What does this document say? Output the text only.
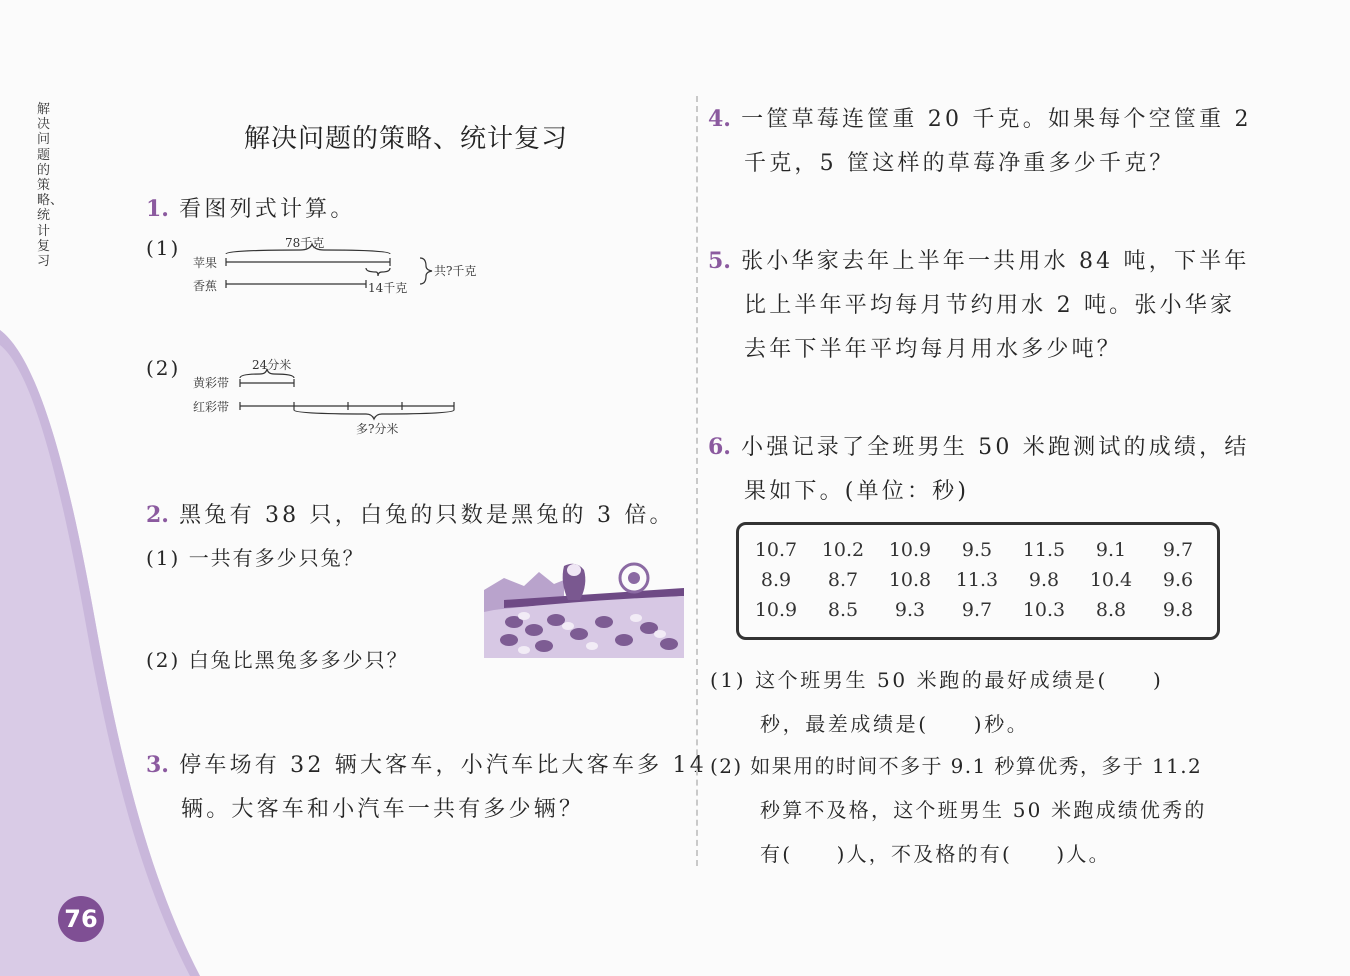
解决问题的策略、统计复习
76
解决问题的策略、统计复习
1. 看图列式计算。
(1)
苹果
香蕉
78千克
14千克
共?千克
(2)
黄彩带
红彩带
24分米
多?分米
2. 黑兔有 38 只，白兔的只数是黑兔的 3 倍。
(1) 一共有多少只兔？
(2) 白兔比黑兔多多少只？
3. 停车场有 32 辆大客车，小汽车比大客车多 14
辆。大客车和小汽车一共有多少辆？
4. 一筐草莓连筐重 20 千克。如果每个空筐重 2
千克，5 筐这样的草莓净重多少千克？
5. 张小华家去年上半年一共用水 84 吨，下半年
比上半年平均每月节约用水 2 吨。张小华家
去年下半年平均每月用水多少吨？
6. 小强记录了全班男生 50 米跑测试的成绩，结
果如下。(单位：秒)
10.7	10.2	10.9	9.5	11.5	9.1	9.7
8.9	8.7	10.8	11.3	9.8	10.4	9.6
10.9	8.5	9.3	9.7	10.3	8.8	9.8
(1) 这个班男生 50 米跑的最好成绩是(　　)
秒，最差成绩是(　　)秒。
(2) 如果用的时间不多于 9.1 秒算优秀，多于 11.2
秒算不及格，这个班男生 50 米跑成绩优秀的
有(　　)人，不及格的有(　　)人。
